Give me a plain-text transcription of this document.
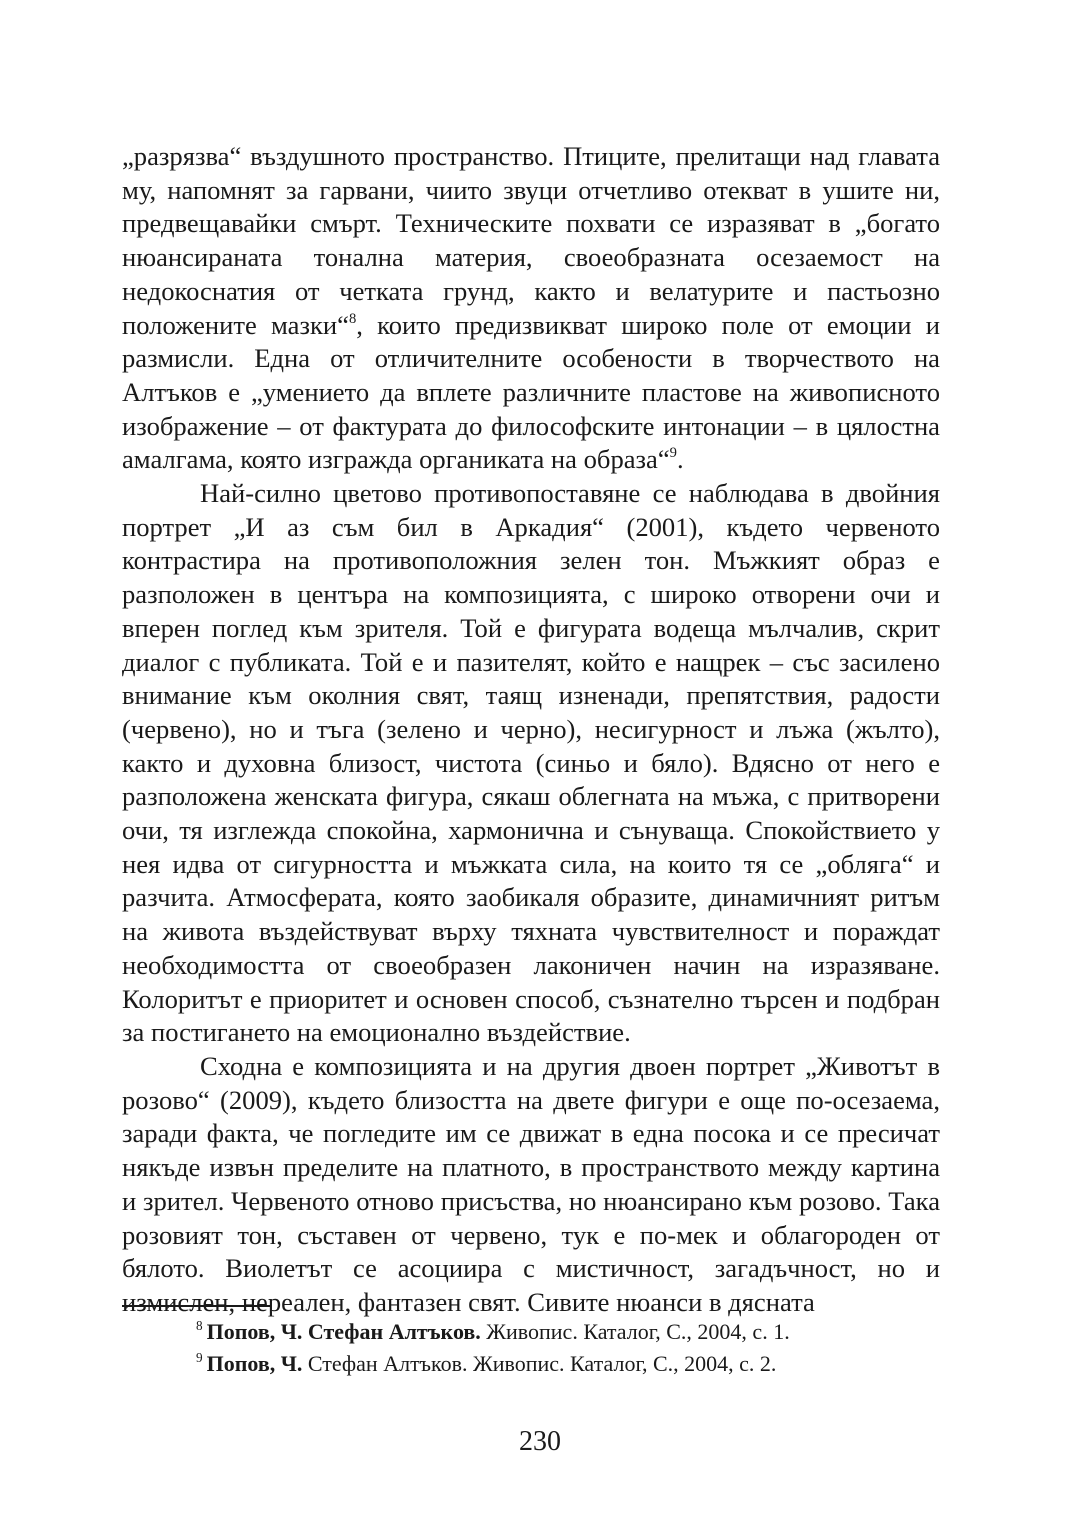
„разрязва“ въздушното пространство. Птиците, прелитащи над главата му, напомнят за гарвани, чиито звуци отчетливо отекват в ушите ни, предвещавайки смърт. Техническите похвати се изразяват в „богато нюансираната тонална материя, своеобразната осезаемост на недокоснатия от четката грунд, както и велатурите и пастьозно положените мазки“$^8$, които предизвикват широко поле от емоции и размисли. Една от отличителните особености в творчеството на Алтъков е „умението да вплете различните пластове на живописното изображение – от фактурата до философските интонации – в цялостна амалгама, която изгражда органиката на образа“$^9$.

Най-силно цветово противопоставяне се наблюдава в двойния портрет „И аз съм бил в Аркадия“ (2001), където червеното контрастира на противоположния зелен тон. Мъжкият образ е разположен в центъра на композицията, с широко отворени очи и вперен поглед към зрителя. Той е фигурата водеща мълчалив, скрит диалог с публиката. Той е и пазителят, който е нащрек – със засилено внимание към околния свят, таящ изненади, препятствия, радости (червено), но и тъга (зелено и черно), несигурност и лъжа (жълто), както и духовна близост, чистота (синьо и бяло). Вдясно от него е разположена женската фигура, сякаш облегната на мъжа, с притворени очи, тя изглежда спокойна, хармонична и сънуваща. Спокойствието у нея идва от сигурността и мъжката сила, на които тя се „обляга“ и разчита. Атмосферата, която заобикаля образите, динамичният ритъм на живота въздействуват върху тяхната чувствителност и пораждат необходимостта от своеобразен лаконичен начин на изразяване. Колоритът е приоритет и основен способ, съзнателно търсен и подбран за постигането на емоционално въздействие.

Сходна е композицията и на другия двоен портрет „Животът в розово“ (2009), където близостта на двете фигури е още по-осезаема, заради факта, че погледите им се движат в една посока и се пресичат някъде извън пределите на платното, в пространството между картина и зрител. Червеното отново присъства, но нюансирано към розово. Така розовият тон, съставен от червено, тук е по-мек и облагороден от бялото. Виолетът се асоциира с мистичност, загадъчност, но и измислен, нереален, фантазен свят. Сивите нюанси в дясната

$^8$ Попов, Ч. Стефан Алтъков. Живопис. Каталог, С., 2004, с. 1.

$^9$ Попов, Ч. Стефан Алтъков. Живопис. Каталог, С., 2004, с. 2.

230
